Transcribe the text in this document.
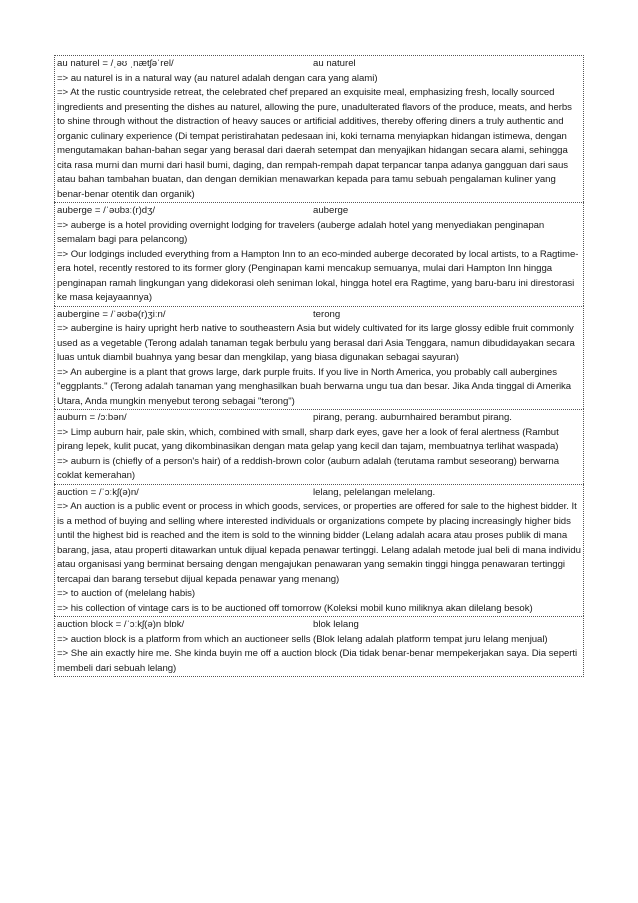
au naturel = /ˌəʊ ˌnætʃəˈrel/	au naturel
=> au naturel is in a natural way (au naturel adalah dengan cara yang alami)
=> At the rustic countryside retreat, the celebrated chef prepared an exquisite meal, emphasizing fresh, locally sourced ingredients and presenting the dishes au naturel, allowing the pure, unadulterated flavors of the produce, meats, and herbs to shine through without the distraction of heavy sauces or artificial additives, thereby offering diners a truly authentic and organic culinary experience (Di tempat peristirahatan pedesaan ini, koki ternama menyiapkan hidangan istimewa, dengan mengutamakan bahan-bahan segar yang berasal dari daerah setempat dan menyajikan hidangan secara alami, sehingga cita rasa murni dan murni dari hasil bumi, daging, dan rempah-rempah dapat terpancar tanpa adanya gangguan dari saus atau bahan tambahan buatan, dan dengan demikian menawarkan kepada para tamu sebuah pengalaman kuliner yang benar-benar otentik dan organik)
auberge = /ˈəʊbɜː(r)dʒ/	auberge
=> auberge is a hotel providing overnight lodging for travelers (auberge adalah hotel yang menyediakan penginapan semalam bagi para pelancong)
=> Our lodgings included everything from a Hampton Inn to an eco-minded auberge decorated by local artists, to a Ragtime-era hotel, recently restored to its former glory (Penginapan kami mencakup semuanya, mulai dari Hampton Inn hingga penginapan ramah lingkungan yang didekorasi oleh seniman lokal, hingga hotel era Ragtime, yang baru-baru ini direstorasi ke masa kejayaannya)
aubergine = /ˈəʊbə(r)ʒiːn/	terong
=> aubergine is hairy upright herb native to southeastern Asia but widely cultivated for its large glossy edible fruit commonly used as a vegetable (Terong adalah tanaman tegak berbulu yang berasal dari Asia Tenggara, namun dibudidayakan secara luas untuk diambil buahnya yang besar dan mengkilap, yang biasa digunakan sebagai sayuran)
=> An aubergine is a plant that grows large, dark purple fruits. If you live in North America, you probably call aubergines "eggplants." (Terong adalah tanaman yang menghasilkan buah berwarna ungu tua dan besar. Jika Anda tinggal di Amerika Utara, Anda mungkin menyebut terong sebagai "terong")
auburn = /ɔːbən/	pirang, perang. auburnhaired berambut pirang.
=> Limp auburn hair, pale skin, which, combined with small, sharp dark eyes, gave her a look of feral alertness (Rambut pirang lepek, kulit pucat, yang dikombinasikan dengan mata gelap yang kecil dan tajam, membuatnya terlihat waspada)
=> auburn is (chiefly of a person's hair) of a reddish-brown color (auburn adalah (terutama rambut seseorang) berwarna coklat kemerahan)
auction = /ˈɔːkʃ(ə)n/	lelang, pelelangan melelang.
=> An auction is a public event or process in which goods, services, or properties are offered for sale to the highest bidder. It is a method of buying and selling where interested individuals or organizations compete by placing increasingly higher bids until the highest bid is reached and the item is sold to the winning bidder (Lelang adalah acara atau proses publik di mana barang, jasa, atau properti ditawarkan untuk dijual kepada penawar tertinggi. Lelang adalah metode jual beli di mana individu atau organisasi yang berminat bersaing dengan mengajukan penawaran yang semakin tinggi hingga penawaran tertinggi tercapai dan barang tersebut dijual kepada penawar yang menang)
=> to auction of (melelang habis)
=> his collection of vintage cars is to be auctioned off tomorrow (Koleksi mobil kuno miliknya akan dilelang besok)
auction block = /ˈɔːkʃ(ə)n blɒk/	blok lelang
=> auction block is a platform from which an auctioneer sells (Blok lelang adalah platform tempat juru lelang menjual)
=> She ain exactly hire me. She kinda buyin me off a auction block (Dia tidak benar-benar mempekerjakan saya. Dia seperti membeli dari sebuah lelang)
